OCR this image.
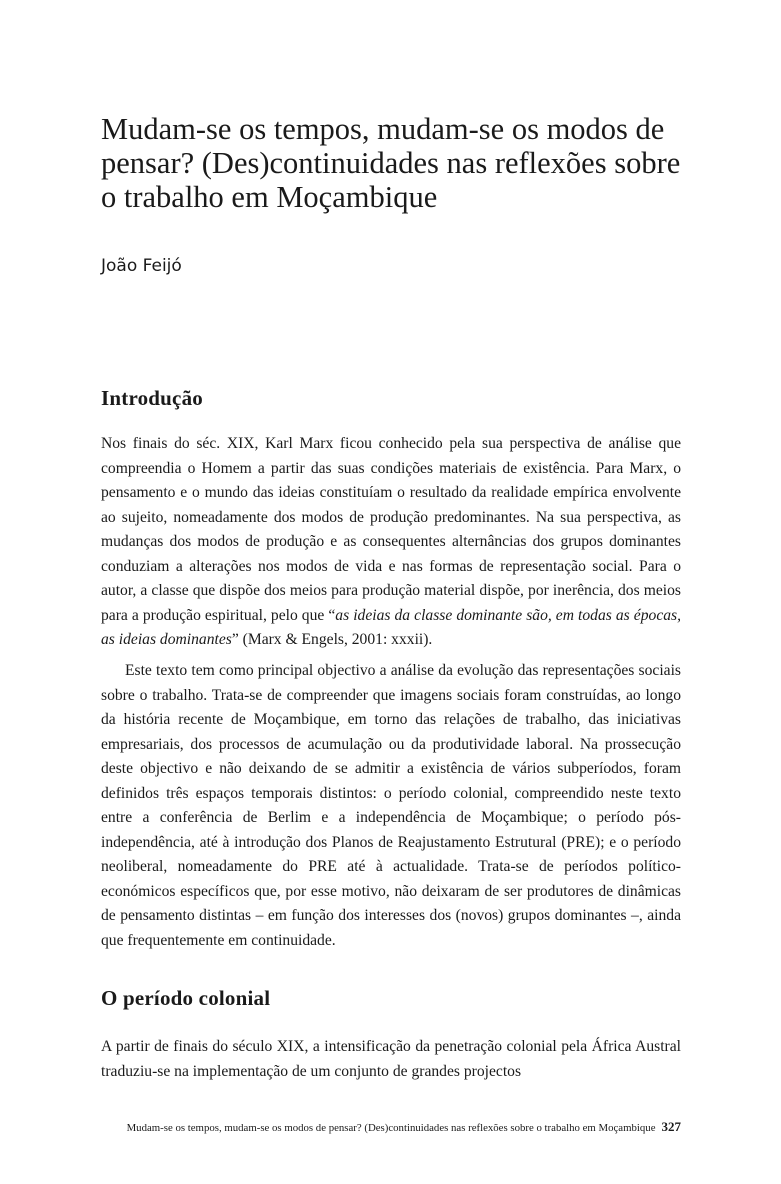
Mudam-se os tempos, mudam-se os modos de pensar? (Des)continuidades nas reflexões sobre o trabalho em Moçambique

João Feijó

Introdução

Nos finais do séc. XIX, Karl Marx ficou conhecido pela sua perspectiva de análise que compreendia o Homem a partir das suas condições materiais de existência. Para Marx, o pensamento e o mundo das ideias constituíam o resultado da realidade empírica envolvente ao sujeito, nomeadamente dos modos de produção predominantes. Na sua perspectiva, as mudanças dos modos de produção e as consequentes alternâncias dos grupos dominantes conduziam a alterações nos modos de vida e nas formas de representação social. Para o autor, a classe que dispõe dos meios para produção material dispõe, por inerência, dos meios para a produção espiritual, pelo que “as ideias da classe dominante são, em todas as épocas, as ideias dominantes” (Marx & Engels, 2001: xxxii).

Este texto tem como principal objectivo a análise da evolução das representações sociais sobre o trabalho. Trata-se de compreender que imagens sociais foram construídas, ao longo da história recente de Moçambique, em torno das relações de trabalho, das iniciativas empresariais, dos processos de acumulação ou da produtividade laboral. Na prossecução deste objectivo e não deixando de se admitir a existência de vários subperíodos, foram definidos três espaços temporais distintos: o período colonial, compreendido neste texto entre a conferência de Berlim e a independência de Moçambique; o período pós-independência, até à introdução dos Planos de Reajustamento Estrutural (PRE); e o período neoliberal, nomeadamente do PRE até à actualidade. Trata-se de períodos político-económicos específicos que, por esse motivo, não deixaram de ser produtores de dinâmicas de pensamento distintas – em função dos interesses dos (novos) grupos dominantes –, ainda que frequentemente em continuidade.

O período colonial

A partir de finais do século XIX, a intensificação da penetração colonial pela África Austral traduziu-se na implementação de um conjunto de grandes projectos

Mudam-se os tempos, mudam-se os modos de pensar? (Des)continuidades nas reflexões sobre o trabalho em Moçambique 327
